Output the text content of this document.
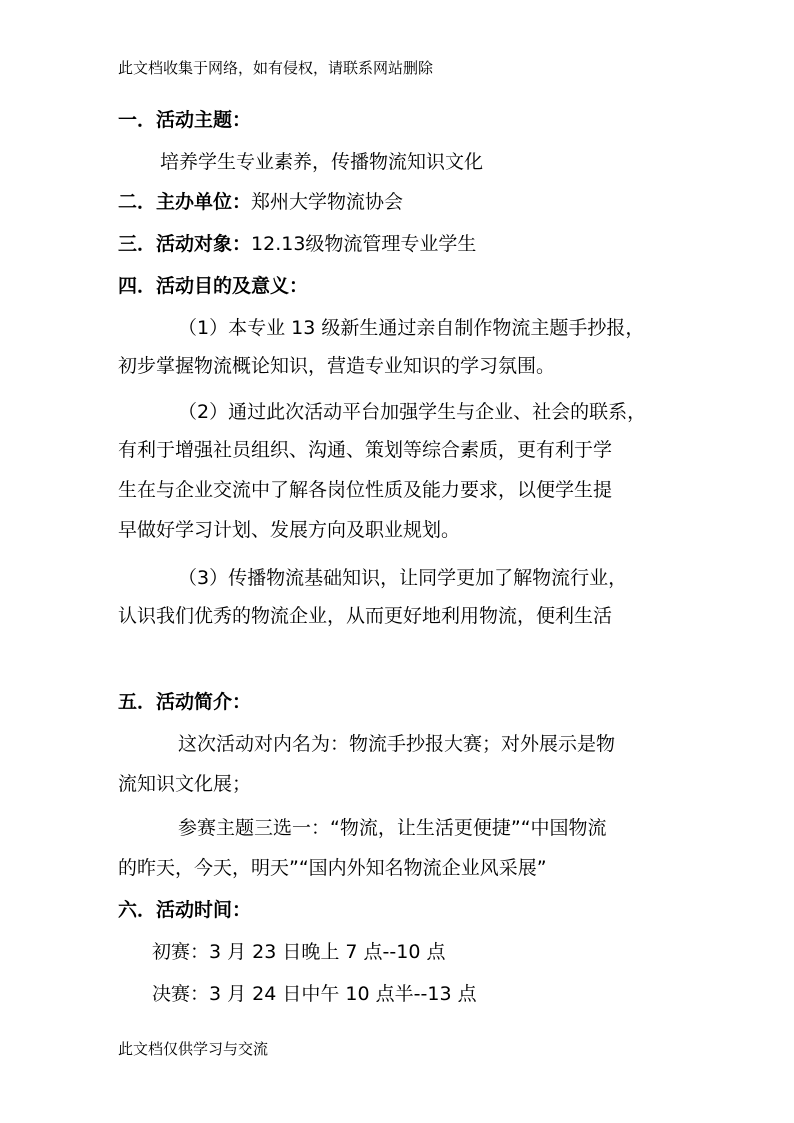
此文档收集于网络，如有侵权，请联系网站删除
一．活动主题：
培养学生专业素养，传播物流知识文化
二．主办单位：郑州大学物流协会
三．活动对象：12.13级物流管理专业学生
四．活动目的及意义：
（1）本专业 13 级新生通过亲自制作物流主题手抄报，
初步掌握物流概论知识，营造专业知识的学习氛围。
（2）通过此次活动平台加强学生与企业、社会的联系，
有利于增强社员组织、沟通、策划等综合素质，更有利于学
生在与企业交流中了解各岗位性质及能力要求，以便学生提
早做好学习计划、发展方向及职业规划。
（3）传播物流基础知识，让同学更加了解物流行业，
认识我们优秀的物流企业，从而更好地利用物流，便利生活
五．活动简介：
这次活动对内名为：物流手抄报大赛；对外展示是物
流知识文化展；
参赛主题三选一：“物流，让生活更便捷”“中国物流
的昨天，今天，明天”“国内外知名物流企业风采展”
六．活动时间：
初赛：3 月 23 日晚上 7 点--10 点
决赛：3 月 24 日中午 10 点半--13 点
此文档仅供学习与交流
